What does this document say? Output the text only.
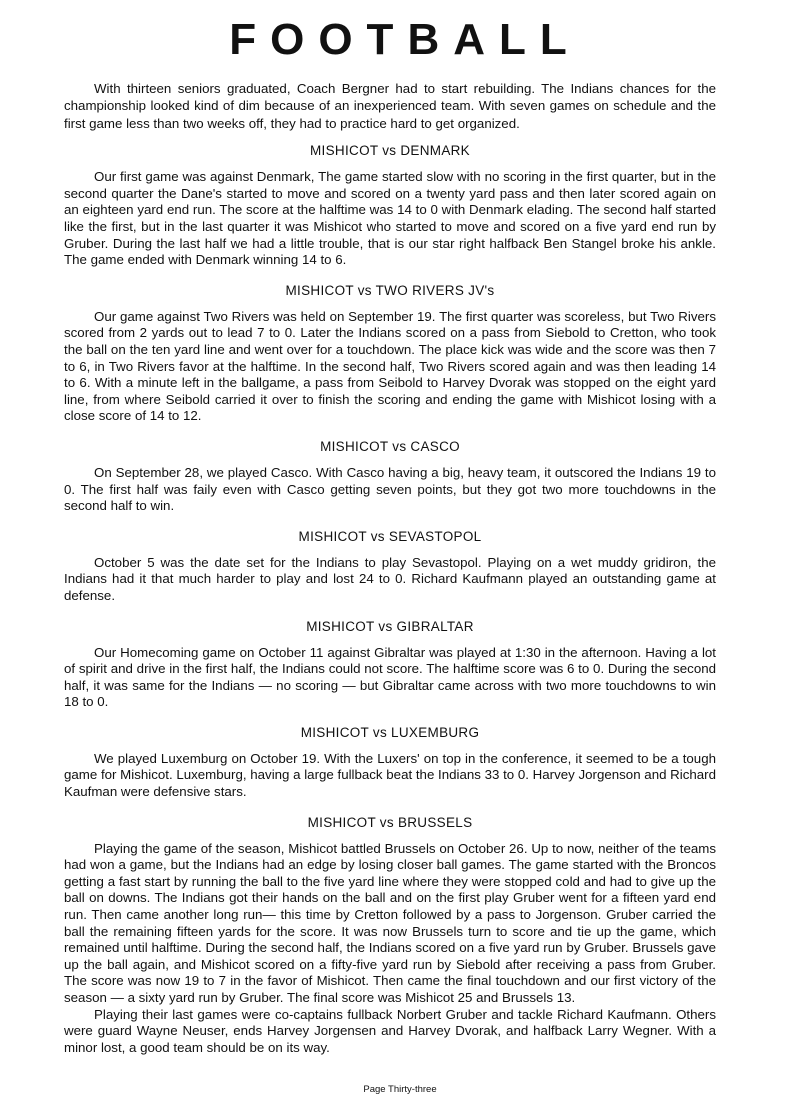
FOOTBALL

With thirteen seniors graduated, Coach Bergner had to start rebuilding. The Indians chances for the championship looked kind of dim because of an inexperienced team. With seven games on schedule and the first game less than two weeks off, they had to practice hard to get organized.

MISHICOT vs DENMARK

Our first game was against Denmark, The game started slow with no scoring in the first quarter, but in the second quarter the Dane's started to move and scored on a twenty yard pass and then later scored again on an eighteen yard end run. The score at the halftime was 14 to 0 with Denmark elading. The second half started like the first, but in the last quarter it was Mishicot who started to move and scored on a five yard end run by Gruber. During the last half we had a little trouble, that is our star right halfback Ben Stangel broke his ankle. The game ended with Denmark winning 14 to 6.

MISHICOT vs TWO RIVERS JV's

Our game against Two Rivers was held on September 19. The first quarter was scoreless, but Two Rivers scored from 2 yards out to lead 7 to 0. Later the Indians scored on a pass from Siebold to Cretton, who took the ball on the ten yard line and went over for a touchdown. The place kick was wide and the score was then 7 to 6, in Two Rivers favor at the halftime. In the second half, Two Rivers scored again and was then leading 14 to 6. With a minute left in the ballgame, a pass from Seibold to Harvey Dvorak was stopped on the eight yard line, from where Seibold carried it over to finish the scoring and ending the game with Mishicot losing with a close score of 14 to 12.

MISHICOT vs CASCO

On September 28, we played Casco. With Casco having a big, heavy team, it outscored the Indians 19 to 0. The first half was faily even with Casco getting seven points, but they got two more touchdowns in the second half to win.

MISHICOT vs SEVASTOPOL

October 5 was the date set for the Indians to play Sevastopol. Playing on a wet muddy gridiron, the Indians had it that much harder to play and lost 24 to 0. Richard Kaufmann played an outstanding game at defense.

MISHICOT vs GIBRALTAR

Our Homecoming game on October 11 against Gibraltar was played at 1:30 in the afternoon. Having a lot of spirit and drive in the first half, the Indians could not score. The halftime score was 6 to 0. During the second half, it was same for the Indians — no scoring — but Gibraltar came across with two more touchdowns to win 18 to 0.

MISHICOT vs LUXEMBURG

We played Luxemburg on October 19. With the Luxers' on top in the conference, it seemed to be a tough game for Mishicot. Luxemburg, having a large fullback beat the Indians 33 to 0. Harvey Jorgenson and Richard Kaufman were defensive stars.

MISHICOT vs BRUSSELS

Playing the game of the season, Mishicot battled Brussels on October 26. Up to now, neither of the teams had won a game, but the Indians had an edge by losing closer ball games. The game started with the Broncos getting a fast start by running the ball to the five yard line where they were stopped cold and had to give up the ball on downs. The Indians got their hands on the ball and on the first play Gruber went for a fifteen yard end run. Then came another long run— this time by Cretton followed by a pass to Jorgenson. Gruber carried the ball the remaining fifteen yards for the score. It was now Brussels turn to score and tie up the game, which remained until halftime. During the second half, the Indians scored on a five yard run by Gruber. Brussels gave up the ball again, and Mishicot scored on a fifty-five yard run by Siebold after receiving a pass from Gruber. The score was now 19 to 7 in the favor of Mishicot. Then came the final touchdown and our first victory of the season — a sixty yard run by Gruber. The final score was Mishicot 25 and Brussels 13.

Playing their last games were co-captains fullback Norbert Gruber and tackle Richard Kaufmann. Others were guard Wayne Neuser, ends Harvey Jorgensen and Harvey Dvorak, and halfback Larry Wegner. With a minor lost, a good team should be on its way.

Page Thirty-three
